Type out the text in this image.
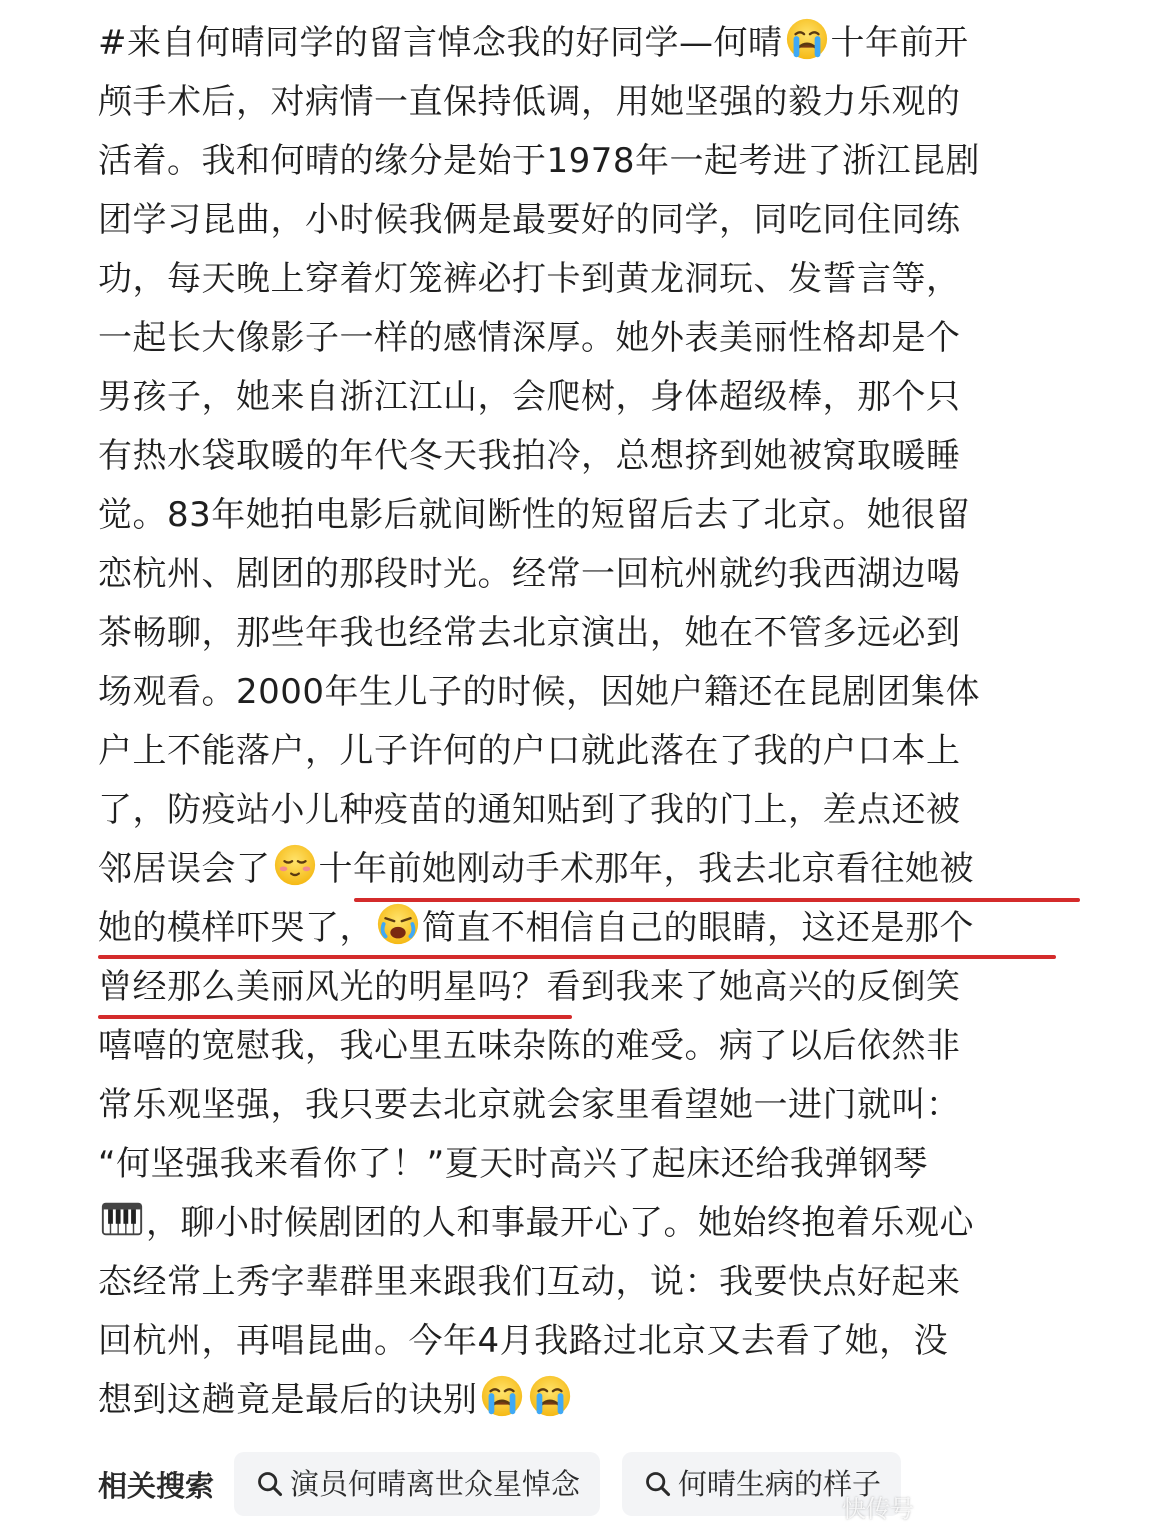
#来自何晴同学的留言悼念我的好同学—何晴 十年前开
颅手术后，对病情一直保持低调，用她坚强的毅力乐观的
活着。我和何晴的缘分是始于1978年一起考进了浙江昆剧
团学习昆曲，小时候我俩是最要好的同学，同吃同住同练
功，每天晚上穿着灯笼裤必打卡到黄龙洞玩、发誓言等，
一起长大像影子一样的感情深厚。她外表美丽性格却是个
男孩子，她来自浙江江山，会爬树，身体超级棒，那个只
有热水袋取暖的年代冬天我拍冷，总想挤到她被窝取暖睡
觉。83年她拍电影后就间断性的短留后去了北京。她很留
恋杭州、剧团的那段时光。经常一回杭州就约我西湖边喝
茶畅聊，那些年我也经常去北京演出，她在不管多远必到
场观看。2000年生儿子的时候，因她户籍还在昆剧团集体
户上不能落户，儿子许何的户口就此落在了我的户口本上
了，防疫站小儿种疫苗的通知贴到了我的门上，差点还被
邻居误会了 十年前她刚动手术那年，我去北京看往她被
她的模样吓哭了， 简直不相信自己的眼睛，这还是那个
曾经那么美丽风光的明星吗？看到我来了她高兴的反倒笑
嘻嘻的宽慰我，我心里五味杂陈的难受。病了以后依然非
常乐观坚强，我只要去北京就会家里看望她一进门就叫：
“何坚强我来看你了！”夏天时高兴了起床还给我弹钢琴
，聊小时候剧团的人和事最开心了。她始终抱着乐观心
态经常上秀字辈群里来跟我们互动，说：我要快点好起来
回杭州，再唱昆曲。今年4月我路过北京又去看了她，没
想到这趟竟是最后的诀别
相关搜索	演员何晴离世众星悼念	何晴生病的样子
快传号
